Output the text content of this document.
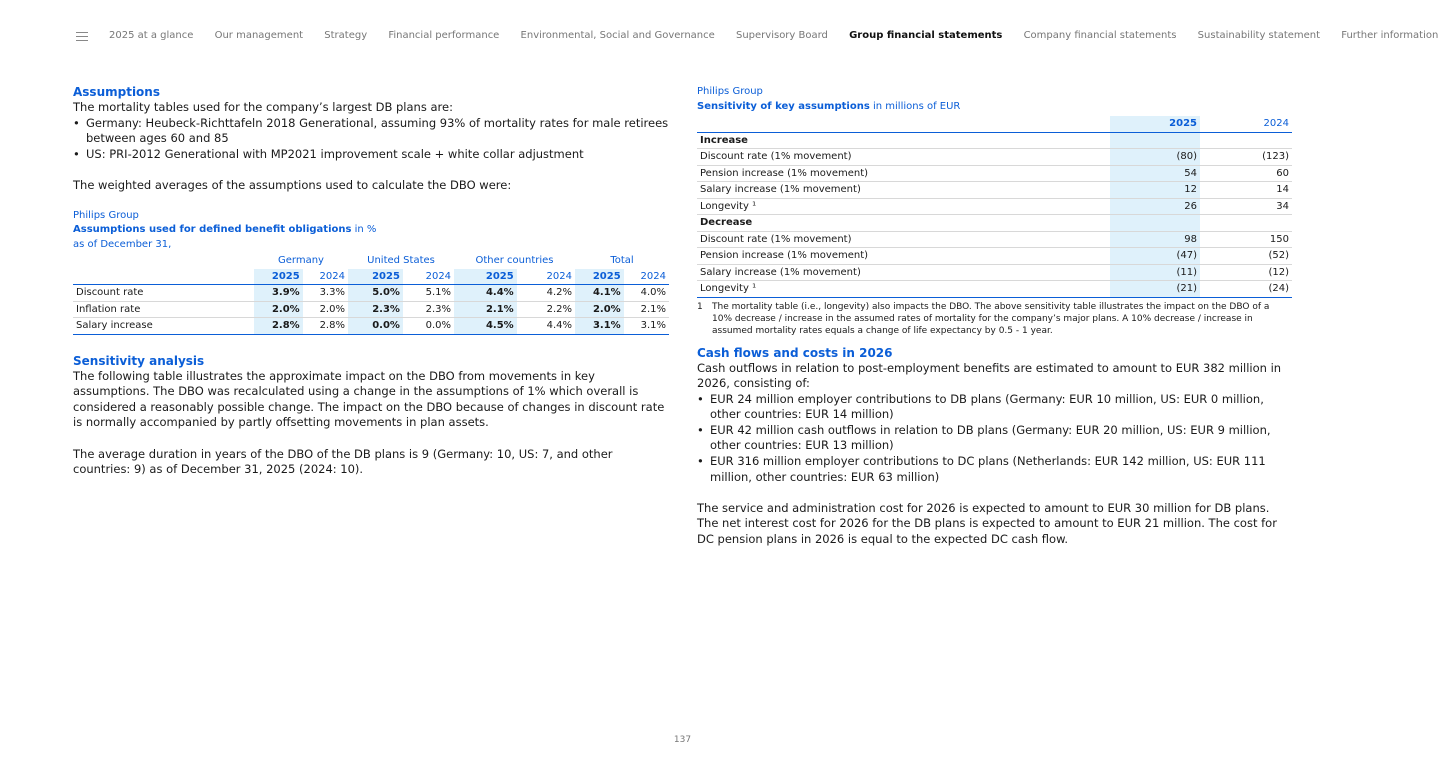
2025 at a glance Our management Strategy Financial performance Environmental, Social and Governance Supervisory Board Group financial statements Company financial statements Sustainability statement Further information
Assumptions

The mortality tables used for the company’s largest DB plans are:

• Germany: Heubeck-Richttafeln 2018 Generational, assuming 93% of mortality rates for male retirees between ages 60 and 85
• US: PRI-2012 Generational with MP2021 improvement scale + white collar adjustment

The weighted averages of the assumptions used to calculate the DBO were:

Philips Group
Assumptions used for defined benefit obligations in %
as of December 31,
	Germany		United States		Other countries		Total	
	2025	2024	2025	2024	2025	2024	2025	2024
Discount rate	3.9%	3.3%	5.0%	5.1%	4.4%	4.2%	4.1%	4.0%
Inflation rate	2.0%	2.0%	2.3%	2.3%	2.1%	2.2%	2.0%	2.1%
Salary increase	2.8%	2.8%	0.0%	0.0%	4.5%	4.4%	3.1%	3.1%
Sensitivity analysis

The following table illustrates the approximate impact on the DBO from movements in key assumptions. The DBO was recalculated using a change in the assumptions of 1% which overall is considered a reasonably possible change. The impact on the DBO because of changes in discount rate is normally accompanied by partly offsetting movements in plan assets.

The average duration in years of the DBO of the DB plans is 9 (Germany: 10, US: 7, and other countries: 9) as of December 31, 2025 (2024: 10).

Philips Group
Sensitivity of key assumptions in millions of EUR
	2025	2024
Increase		
Discount rate (1% movement)	(80)	(123)
Pension increase (1% movement)	54	60
Salary increase (1% movement)	12	14
Longevity ¹	26	34
Decrease		
Discount rate (1% movement)	98	150
Pension increase (1% movement)	(47)	(52)
Salary increase (1% movement)	(11)	(12)
Longevity ¹	(21)	(24)
1	The mortality table (i.e., longevity) also impacts the DBO. The above sensitivity table illustrates the impact on the DBO of a 10% decrease / increase in the assumed rates of mortality for the company’s major plans. A 10% decrease / increase in assumed mortality rates equals a change of life expectancy by 0.5 - 1 year.
Cash flows and costs in 2026

Cash outflows in relation to post-employment benefits are estimated to amount to EUR 382 million in 2026, consisting of:

• EUR 24 million employer contributions to DB plans (Germany: EUR 10 million, US: EUR 0 million, other countries: EUR 14 million)
• EUR 42 million cash outflows in relation to DB plans (Germany: EUR 20 million, US: EUR 9 million, other countries: EUR 13 million)
• EUR 316 million employer contributions to DC plans (Netherlands: EUR 142 million, US: EUR 111 million, other countries: EUR 63 million)

The service and administration cost for 2026 is expected to amount to EUR 30 million for DB plans. The net interest cost for 2026 for the DB plans is expected to amount to EUR 21 million. The cost for DC pension plans in 2026 is equal to the expected DC cash flow.

137
